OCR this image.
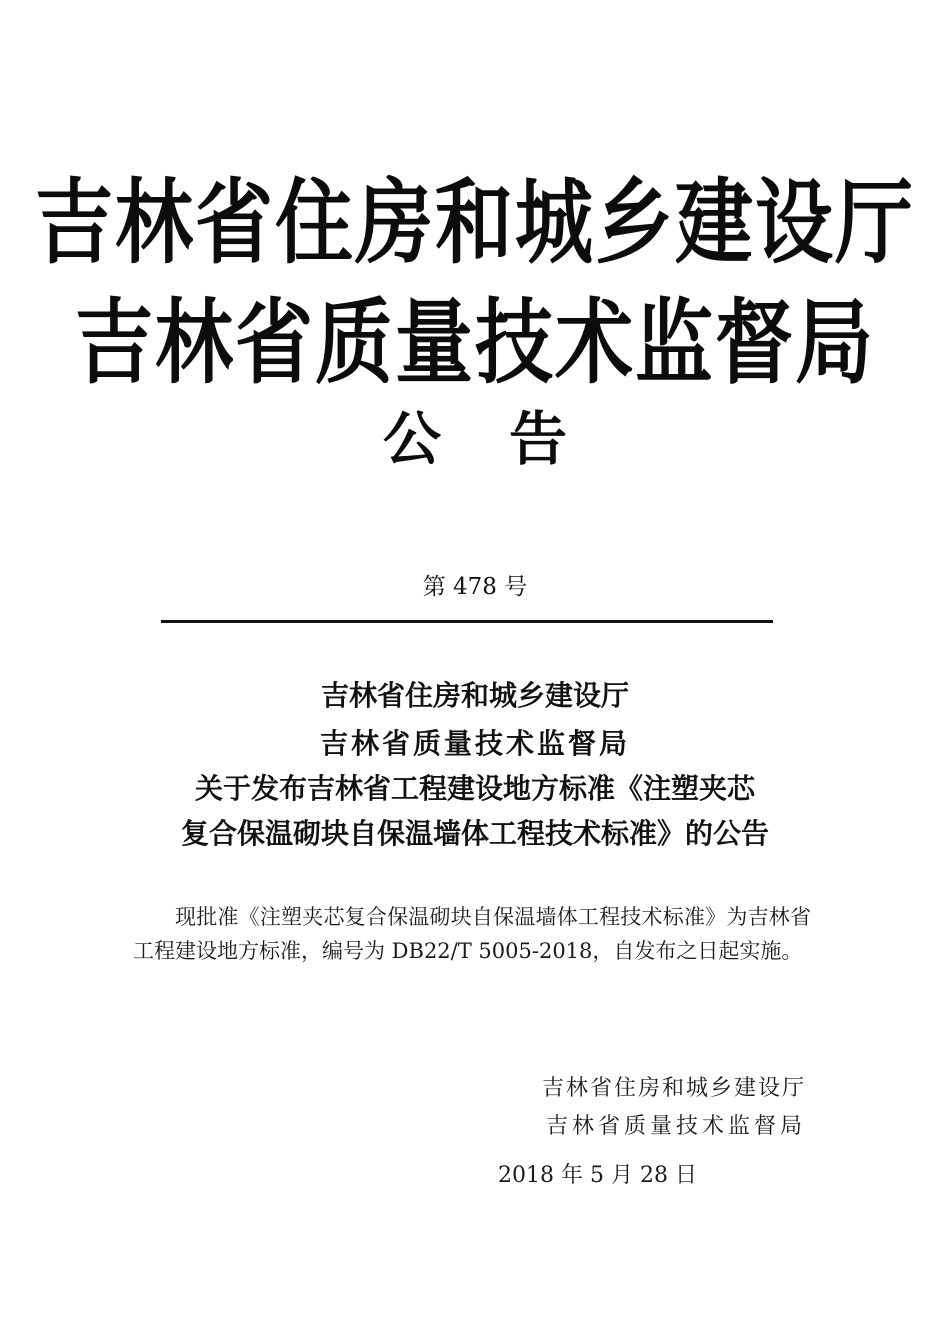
吉林省住房和城乡建设厅
吉林省质量技术监督局
公告
第 478 号
吉林省住房和城乡建设厅
吉林省质量技术监督局
关于发布吉林省工程建设地方标准《注塑夹芯
复合保温砌块自保温墙体工程技术标准》的公告
现批准《注塑夹芯复合保温砌块自保温墙体工程技术标准》为吉林省工程建设地方标准，编号为 DB22/T 5005-2018，自发布之日起实施。
吉林省住房和城乡建设厅
吉林省质量技术监督局
2018 年 5 月 28 日
